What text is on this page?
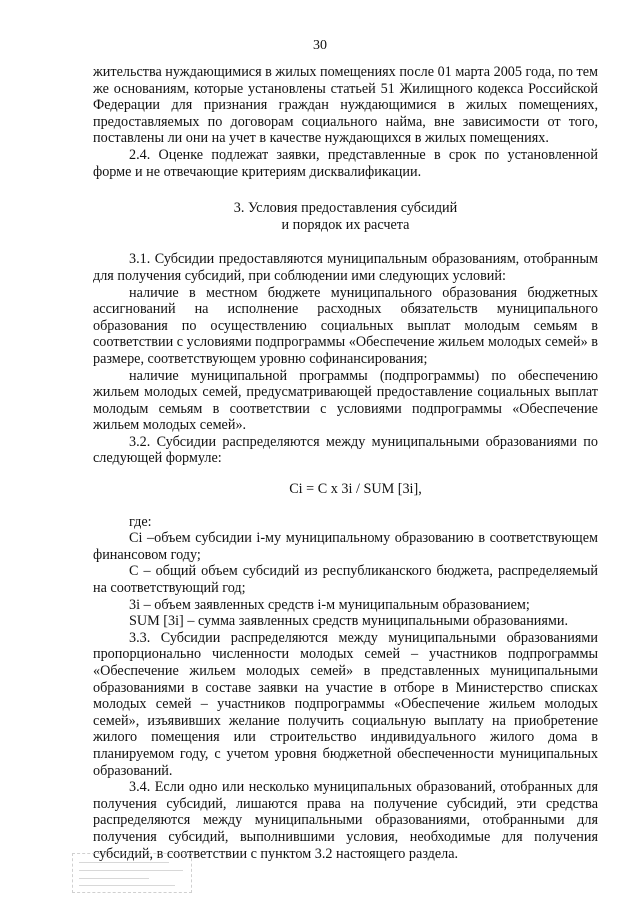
30

жительства нуждающимися в жилых помещениях после 01 марта 2005 года, по тем же основаниям, которые установлены статьей 51 Жилищного кодекса Российской Федерации для признания граждан нуждающимися в жилых помещениях, предоставляемых по договорам социального найма, вне зависимости от того, поставлены ли они на учет в качестве нуждающихся в жилых помещениях.

2.4. Оценке подлежат заявки, представленные в срок по установленной форме и не отвечающие критериям дисквалификации.

3. Условия предоставления субсидий
и порядок их расчета

3.1. Субсидии предоставляются муниципальным образованиям, отобранным для получения субсидий, при соблюдении ими следующих условий:

наличие в местном бюджете муниципального образования бюджетных ассигнований на исполнение расходных обязательств муниципального образования по осуществлению социальных выплат молодым семьям в соответствии с условиями подпрограммы «Обеспечение жильем молодых семей» в размере, соответствующем уровню софинансирования;

наличие муниципальной программы (подпрограммы) по обеспечению жильем молодых семей, предусматривающей предоставление социальных выплат молодым семьям в соответствии с условиями подпрограммы «Обеспечение жильем молодых семей».

3.2. Субсидии распределяются между муниципальными образованиями по следующей формуле:

Ci = C x 3i / SUM [3i],

где:

Ci –объем субсидии i-му муниципальному образованию в соответствующем финансовом году;

C – общий объем субсидий из республиканского бюджета, распределяемый на соответствующий год;

3i – объем заявленных средств i-м муниципальным образованием;

SUM [3i] – сумма заявленных средств муниципальными образованиями.

3.3. Субсидии распределяются между муниципальными образованиями пропорционально численности молодых семей – участников подпрограммы «Обеспечение жильем молодых семей» в представленных муниципальными образованиями в составе заявки на участие в отборе в Министерство списках молодых семей – участников подпрограммы «Обеспечение жильем молодых семей», изъявивших желание получить социальную выплату на приобретение жилого помещения или строительство индивидуального жилого дома в планируемом году, с учетом уровня бюджетной обеспеченности муниципальных образований.

3.4. Если одно или несколько муниципальных образований, отобранных для получения субсидий, лишаются права на получение субсидий, эти средства распределяются между муниципальными образованиями, отобранными для получения субсидий, выполнившими условия, необходимые для получения субсидий, в соответствии с пунктом 3.2 настоящего раздела.
